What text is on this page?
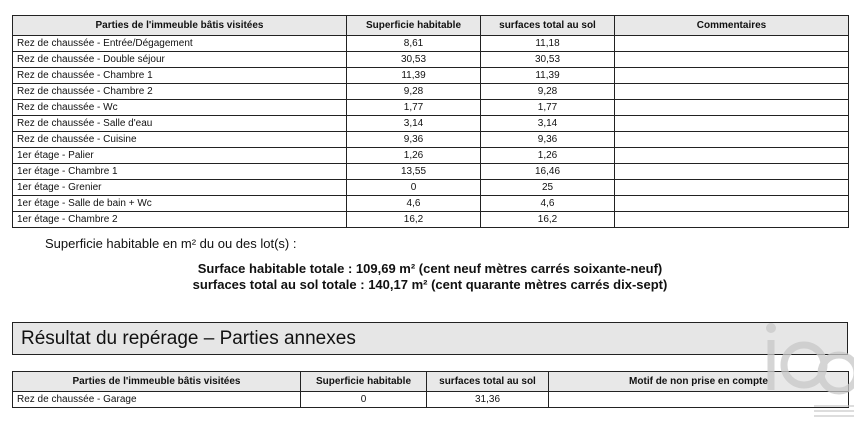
Parties de l'immeuble bâtis visitées	Superficie habitable	surfaces total au sol	Commentaires
Rez de chaussée - Entrée/Dégagement	8,61	11,18	
Rez de chaussée - Double séjour	30,53	30,53	
Rez de chaussée - Chambre 1	11,39	11,39	
Rez de chaussée - Chambre 2	9,28	9,28	
Rez de chaussée - Wc	1,77	1,77	
Rez de chaussée - Salle d'eau	3,14	3,14	
Rez de chaussée - Cuisine	9,36	9,36	
1er étage - Palier	1,26	1,26	
1er étage - Chambre 1	13,55	16,46	
1er étage - Grenier	0	25	
1er étage - Salle de bain + Wc	4,6	4,6	
1er étage - Chambre 2	16,2	16,2	
Superficie habitable en m² du ou des lot(s) :
Surface habitable totale : 109,69 m² (cent neuf mètres carrés soixante-neuf)
surfaces total au sol totale : 140,17 m² (cent quarante mètres carrés dix-sept)
Résultat du repérage – Parties annexes
Parties de l'immeuble bâtis visitées	Superficie habitable	surfaces total au sol	Motif de non prise en compte
Rez de chaussée - Garage	0	31,36	
